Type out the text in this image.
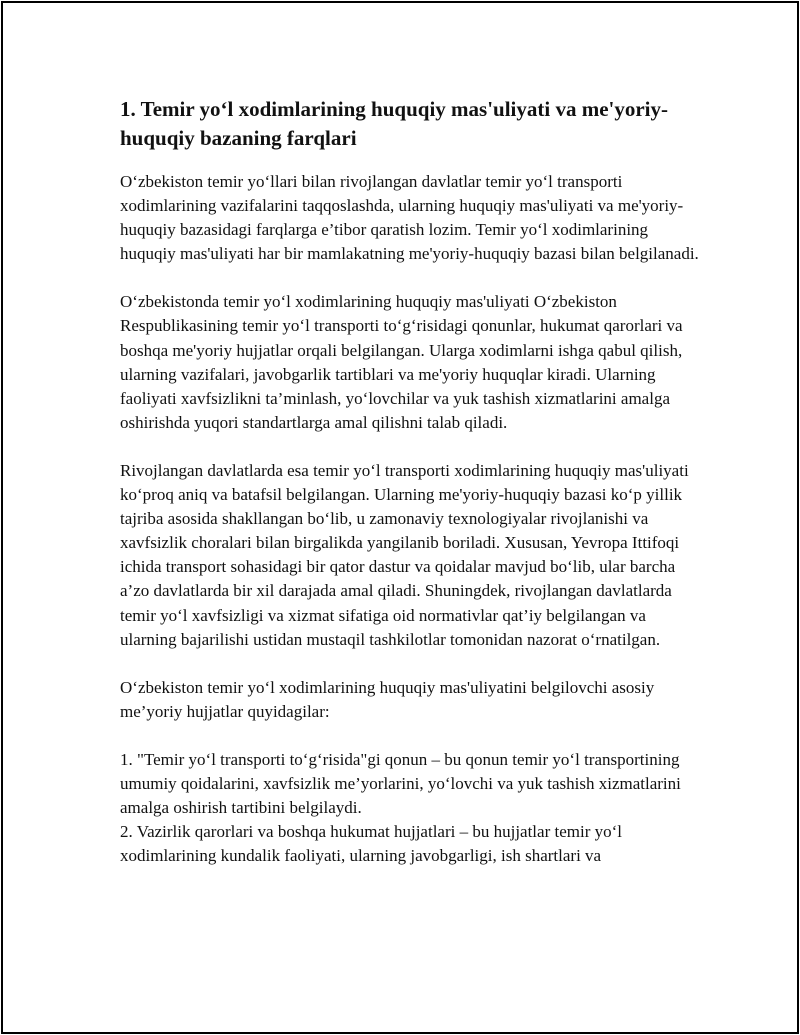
1. Temir yo‘l xodimlarining huquqiy mas'uliyati va me'yoriy-huquqiy bazaning farqlari

O‘zbekiston temir yo‘llari bilan rivojlangan davlatlar temir yo‘l transporti xodimlarining vazifalarini taqqoslashda, ularning huquqiy mas'uliyati va me'yoriy-huquqiy bazasidagi farqlarga e’tibor qaratish lozim. Temir yo‘l xodimlarining huquqiy mas'uliyati har bir mamlakatning me'yoriy-huquqiy bazasi bilan belgilanadi.

O‘zbekistonda temir yo‘l xodimlarining huquqiy mas'uliyati O‘zbekiston Respublikasining temir yo‘l transporti to‘g‘risidagi qonunlar, hukumat qarorlari va boshqa me'yoriy hujjatlar orqali belgilangan. Ularga xodimlarni ishga qabul qilish, ularning vazifalari, javobgarlik tartiblari va me'yoriy huquqlar kiradi. Ularning faoliyati xavfsizlikni ta’minlash, yo‘lovchilar va yuk tashish xizmatlarini amalga oshirishda yuqori standartlarga amal qilishni talab qiladi.

Rivojlangan davlatlarda esa temir yo‘l transporti xodimlarining huquqiy mas'uliyati ko‘proq aniq va batafsil belgilangan. Ularning me'yoriy-huquqiy bazasi ko‘p yillik tajriba asosida shakllangan bo‘lib, u zamonaviy texnologiyalar rivojlanishi va xavfsizlik choralari bilan birgalikda yangilanib boriladi. Xususan, Yevropa Ittifoqi ichida transport sohasidagi bir qator dastur va qoidalar mavjud bo‘lib, ular barcha a’zo davlatlarda bir xil darajada amal qiladi. Shuningdek, rivojlangan davlatlarda temir yo‘l xavfsizligi va xizmat sifatiga oid normativlar qat’iy belgilangan va ularning bajarilishi ustidan mustaqil tashkilotlar tomonidan nazorat o‘rnatilgan.

O‘zbekiston temir yo‘l xodimlarining huquqiy mas'uliyatini belgilovchi asosiy me’yoriy hujjatlar quyidagilar:

1. "Temir yo‘l transporti to‘g‘risida"gi qonun – bu qonun temir yo‘l transportining umumiy qoidalarini, xavfsizlik me’yorlarini, yo‘lovchi va yuk tashish xizmatlarini amalga oshirish tartibini belgilaydi.

2. Vazirlik qarorlari va boshqa hukumat hujjatlari – bu hujjatlar temir yo‘l xodimlarining kundalik faoliyati, ularning javobgarligi, ish shartlari va
